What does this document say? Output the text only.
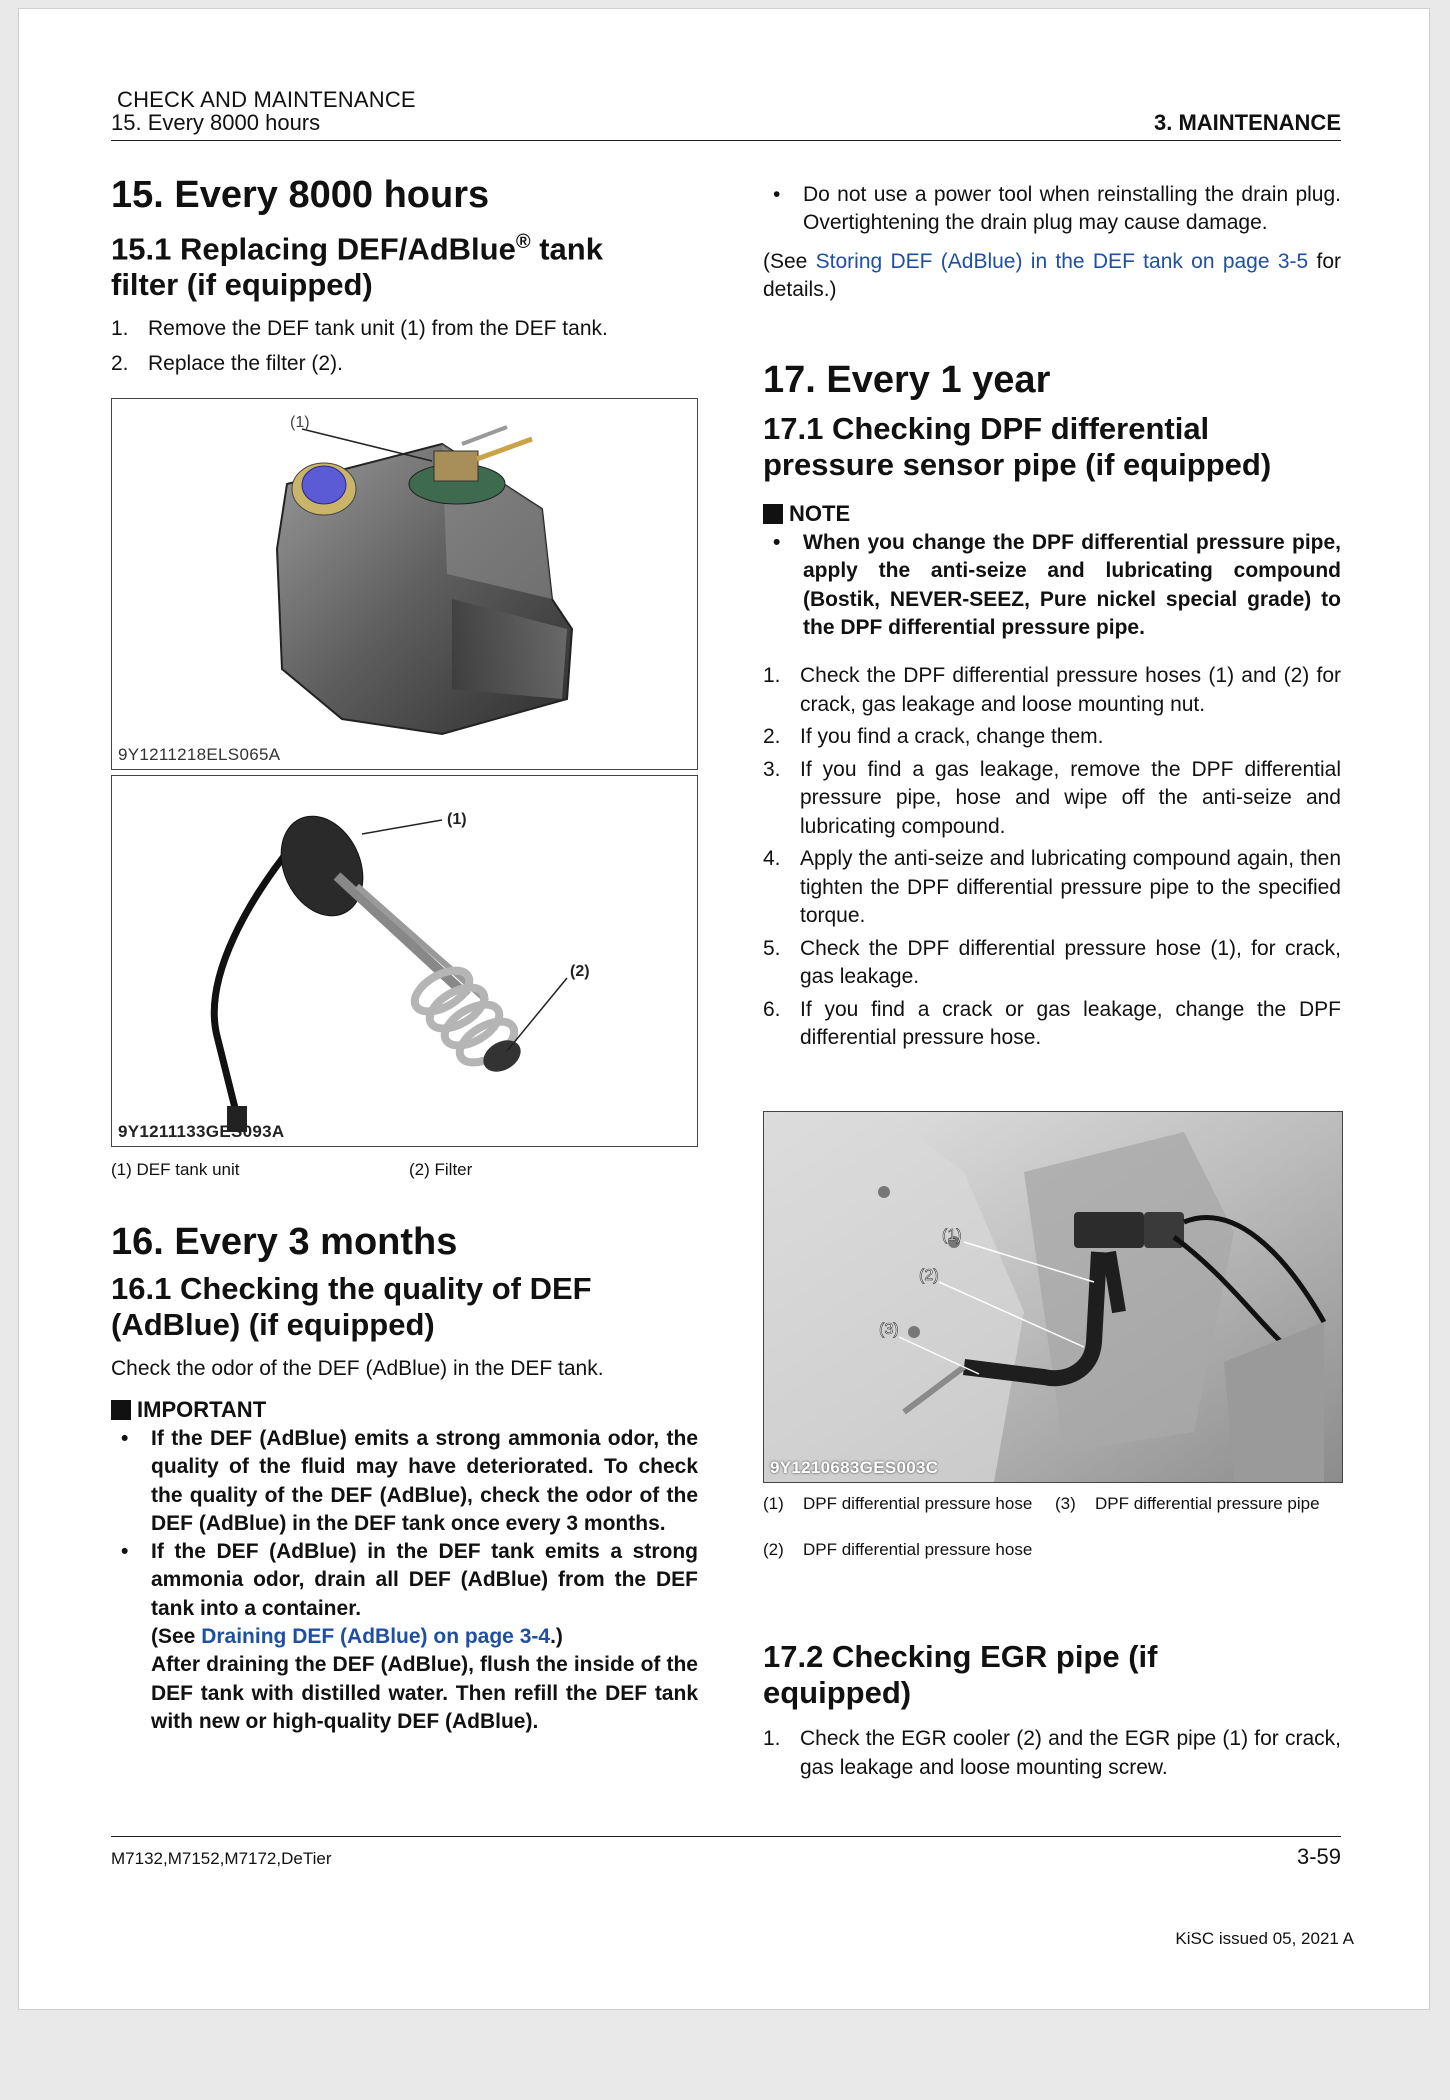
CHECK AND MAINTENANCE
15. Every 8000 hours	3. MAINTENANCE
15. Every 8000 hours
15.1 Replacing DEF/AdBlue® tank
filter (if equipped)
1. Remove the DEF tank unit (1) from the DEF tank.
2. Replace the filter (2).
(1)
9Y1211218ELS065A
(1)
(2)
9Y1211133GES093A
(1) DEF tank unit	(2) Filter
16. Every 3 months
16.1 Checking the quality of DEF
(AdBlue) (if equipped)
Check the odor of the DEF (AdBlue) in the DEF tank.
IMPORTANT
• If the DEF (AdBlue) emits a strong ammonia odor, the quality of the fluid may have deteriorated. To check the quality of the DEF (AdBlue), check the odor of the DEF (AdBlue) in the DEF tank once every 3 months.
• If the DEF (AdBlue) in the DEF tank emits a strong ammonia odor, drain all DEF (AdBlue) from the DEF tank into a container.
(See Draining DEF (AdBlue) on page 3-4.)
After draining the DEF (AdBlue), flush the inside of the DEF tank with distilled water. Then refill the DEF tank with new or high-quality DEF (AdBlue).
• Do not use a power tool when reinstalling the drain plug. Overtightening the drain plug may cause damage.
(See Storing DEF (AdBlue) in the DEF tank on page 3-5 for details.)
17. Every 1 year
17.1 Checking DPF differential
pressure sensor pipe (if equipped)
NOTE
• When you change the DPF differential pressure pipe, apply the anti-seize and lubricating compound (Bostik, NEVER-SEEZ, Pure nickel special grade) to the DPF differential pressure pipe.
1. Check the DPF differential pressure hoses (1) and (2) for crack, gas leakage and loose mounting nut.
2. If you find a crack, change them.
3. If you find a gas leakage, remove the DPF differential pressure pipe, hose and wipe off the anti-seize and lubricating compound.
4. Apply the anti-seize and lubricating compound again, then tighten the DPF differential pressure pipe to the specified torque.
5. Check the DPF differential pressure hose (1), for crack, gas leakage.
6. If you find a crack or gas leakage, change the DPF differential pressure hose.
(1)
(2)
(3)
9Y1210683GES003C
(1)	DPF differential pressure hose	(3)	DPF differential pressure pipe
(2)	DPF differential pressure hose
17.2 Checking EGR pipe (if
equipped)
1. Check the EGR cooler (2) and the EGR pipe (1) for crack, gas leakage and loose mounting screw.
M7132,M7152,M7172,DeTier	3-59
KiSC issued 05, 2021 A
